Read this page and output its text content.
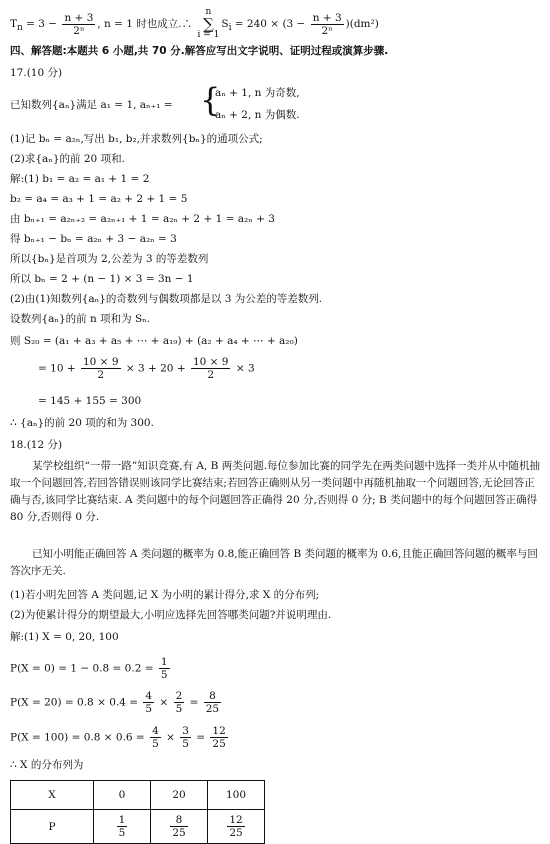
$T_n = 3 - \frac{n + 3}{\text{2ⁿ}}$ , n = 1 时也成立.∴
n
∑
i = 1
$S_i = 240 \times (3 - \frac{n + 3}{\text{2ⁿ}} )(dm^2)$
四、解答题:本题共 6 小题,共 70 分.解答应写出文字说明、证明过程或演算步骤.
17.(10 分)
已知数列{aₙ}满足 a₁ = 1, aₙ₊₁ = {
aₙ + 1, n 为奇数,
aₙ + 2, n 为偶数.
(1)记 bₙ = a₂ₙ,写出 b₁, b₂,并求数列{bₙ}的通项公式;
(2)求{aₙ}的前 20 项和.
解:(1) b₁ = a₂ = a₁ + 1 = 2
b₂ = a₄ = a₃ + 1 = a₂ + 2 + 1 = 5
由 bₙ₊₁ = a₂ₙ₊₂ = a₂ₙ₊₁ + 1 = a₂ₙ + 2 + 1 = a₂ₙ + 3
得 bₙ₊₁ − bₙ = a₂ₙ + 3 − a₂ₙ = 3
所以{bₙ}是首项为 2,公差为 3 的等差数列
所以 bₙ = 2 + (n − 1) × 3 = 3n − 1
(2)由(1)知数列{aₙ}的奇数列与偶数项都是以 3 为公差的等差数列.
设数列{aₙ}的前 n 项和为 Sₙ.
则 S₂₀ = (a₁ + a₃ + a₅ + ⋯ + a₁₉) + (a₂ + a₄ + ⋯ + a₂₀)
= $10 + \frac{10 \times 9}{2} \times 3 + 20 + \frac{10 \times 9}{2} \times 3$
= 145 + 155 = 300
∴ {aₙ}的前 20 项的和为 300.
18.(12 分)
某学校组织“一带一路”知识竞赛,有 A, B 两类问题.每位参加比赛的同学先在两类问题中选择一类并从中随机抽取一个问题回答,若回答错误则该同学比赛结束;若回答正确则从另一类问题中再随机抽取一个问题回答,无论回答正确与否,该同学比赛结束. A 类问题中的每个问题回答正确得 20 分,否则得 0 分; B 类问题中的每个问题回答正确得 80 分,否则得 0 分.
已知小明能正确回答 A 类问题的概率为 0.8,能正确回答 B 类问题的概率为 0.6,且能正确回答问题的概率与回答次序无关.
(1)若小明先回答 A 类问题,记 X 为小明的累计得分,求 X 的分布列;
(2)为使累计得分的期望最大,小明应选择先回答哪类问题?并说明理由.
解:(1) X = 0, 20, 100
$P(X = 0) = 1 - 0.8 = 0.2 = \frac{1}{5}$
$P(X = 20) = 0.8 \times 0.4 = \frac{4}{5} \times \frac{2}{5} = \frac{8}{25}$
$P(X = 100) = 0.8 \times 0.6 = \frac{4}{5} \times \frac{3}{5} = \frac{12}{25}$
∴ X 的分布列为
X	0	20	100
P	$\frac{1}{5}$	$\frac{8}{25}$	$\frac{12}{25}$
